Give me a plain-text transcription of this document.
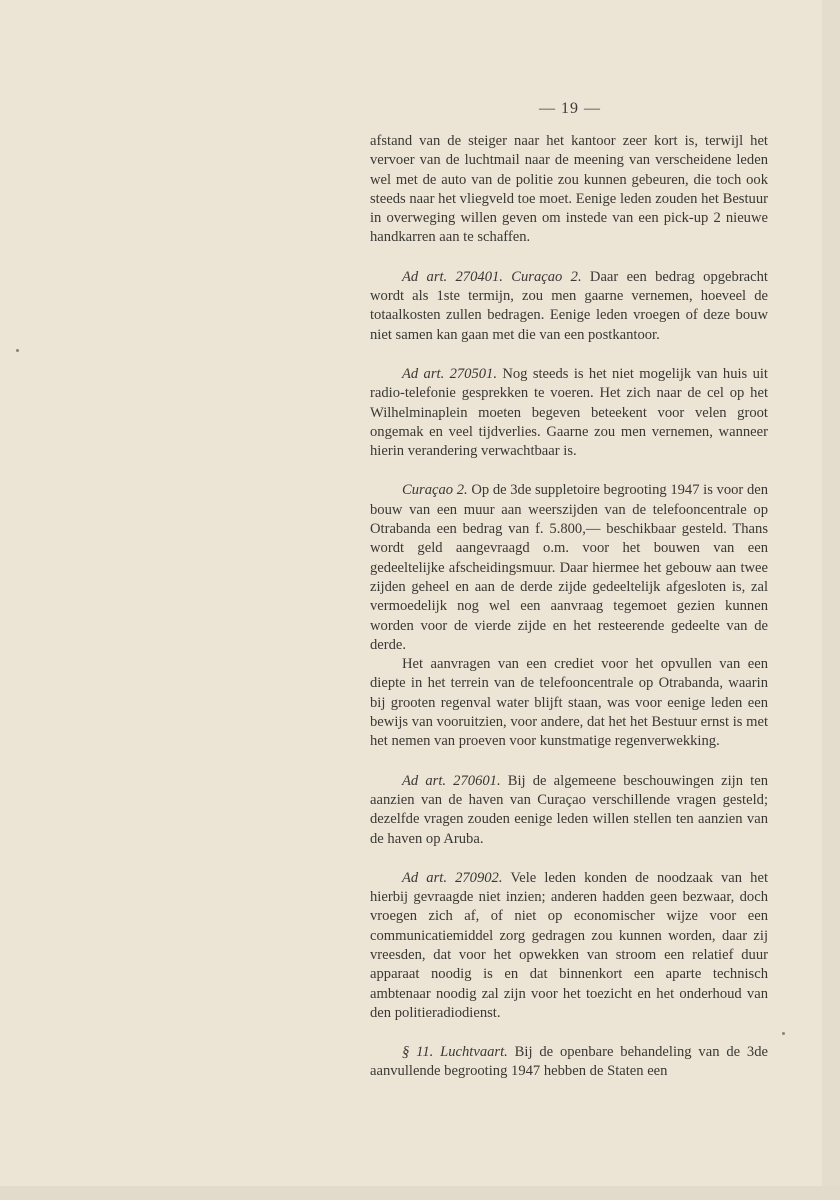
— 19 —

afstand van de steiger naar het kantoor zeer kort is, terwijl het vervoer van de luchtmail naar de meening van verscheidene leden wel met de auto van de politie zou kunnen gebeuren, die toch ook steeds naar het vliegveld toe moet. Eenige leden zouden het Bestuur in overweging willen geven om instede van een pick-up 2 nieuwe handkarren aan te schaffen.

Ad art. 270401. Curaçao 2. Daar een bedrag opgebracht wordt als 1ste termijn, zou men gaarne vernemen, hoeveel de totaalkosten zullen bedragen. Eenige leden vroegen of deze bouw niet samen kan gaan met die van een postkantoor.

Ad art. 270501. Nog steeds is het niet mogelijk van huis uit radio-telefonie gesprekken te voeren. Het zich naar de cel op het Wilhelminaplein moeten begeven beteekent voor velen groot ongemak en veel tijdverlies. Gaarne zou men vernemen, wanneer hierin verandering verwachtbaar is.

Curaçao 2. Op de 3de suppletoire begrooting 1947 is voor den bouw van een muur aan weerszijden van de telefooncentrale op Otrabanda een bedrag van f. 5.800,— beschikbaar gesteld. Thans wordt geld aangevraagd o.m. voor het bouwen van een gedeeltelijke afscheidingsmuur. Daar hiermee het gebouw aan twee zijden geheel en aan de derde zijde gedeeltelijk afgesloten is, zal vermoedelijk nog wel een aanvraag tegemoet gezien kunnen worden voor de vierde zijde en het resteerende gedeelte van de derde.

Het aanvragen van een crediet voor het opvullen van een diepte in het terrein van de telefooncentrale op Otrabanda, waarin bij grooten regenval water blijft staan, was voor eenige leden een bewijs van vooruitzien, voor andere, dat het het Bestuur ernst is met het nemen van proeven voor kunstmatige regenverwekking.

Ad art. 270601. Bij de algemeene beschouwingen zijn ten aanzien van de haven van Curaçao verschillende vragen gesteld; dezelfde vragen zouden eenige leden willen stellen ten aanzien van de haven op Aruba.

Ad art. 270902. Vele leden konden de noodzaak van het hierbij gevraagde niet inzien; anderen hadden geen bezwaar, doch vroegen zich af, of niet op economischer wijze voor een communicatiemiddel zorg gedragen zou kunnen worden, daar zij vreesden, dat voor het opwekken van stroom een relatief duur apparaat noodig is en dat binnenkort een aparte technisch ambtenaar noodig zal zijn voor het toezicht en het onderhoud van den politieradiodienst.

§ 11. Luchtvaart. Bij de openbare behandeling van de 3de aanvullende begrooting 1947 hebben de Staten een
